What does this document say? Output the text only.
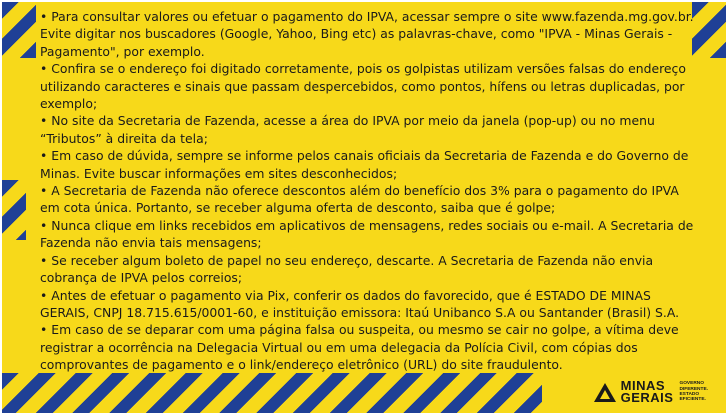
• Para consultar valores ou efetuar o pagamento do IPVA, acessar sempre o site www.fazenda.mg.gov.br. Evite digitar nos buscadores (Google, Yahoo, Bing etc) as palavras-chave, como "IPVA - Minas Gerais - Pagamento", por exemplo.

• Confira se o endereço foi digitado corretamente, pois os golpistas utilizam versões falsas do endereço utilizando caracteres e sinais que passam despercebidos, como pontos, hífens ou letras duplicadas, por exemplo;

• No site da Secretaria de Fazenda, acesse a área do IPVA por meio da janela (pop-up) ou no menu “Tributos” à direita da tela;

• Em caso de dúvida, sempre se informe pelos canais oficiais da Secretaria de Fazenda e do Governo de Minas. Evite buscar informações em sites desconhecidos;

• A Secretaria de Fazenda não oferece descontos além do benefício dos 3% para o pagamento do IPVA em cota única. Portanto, se receber alguma oferta de desconto, saiba que é golpe;

• Nunca clique em links recebidos em aplicativos de mensagens, redes sociais ou e-mail. A Secretaria de Fazenda não envia tais mensagens;

• Se receber algum boleto de papel no seu endereço, descarte. A Secretaria de Fazenda não envia cobrança de IPVA pelos correios;

• Antes de efetuar o pagamento via Pix, conferir os dados do favorecido, que é ESTADO DE MINAS GERAIS, CNPJ 18.715.615/0001-60, e instituição emissora: Itaú Unibanco S.A ou Santander (Brasil) S.A.

• Em caso de se deparar com uma página falsa ou suspeita, ou mesmo se cair no golpe, a vítima deve registrar a ocorrência na Delegacia Virtual ou em uma delegacia da Polícia Civil, com cópias dos comprovantes de pagamento e o link/endereço eletrônico (URL) do site fraudulento.

MINAS
GERAIS
GOVERNO
DIFERENTE.
ESTADO
EFICIENTE.
